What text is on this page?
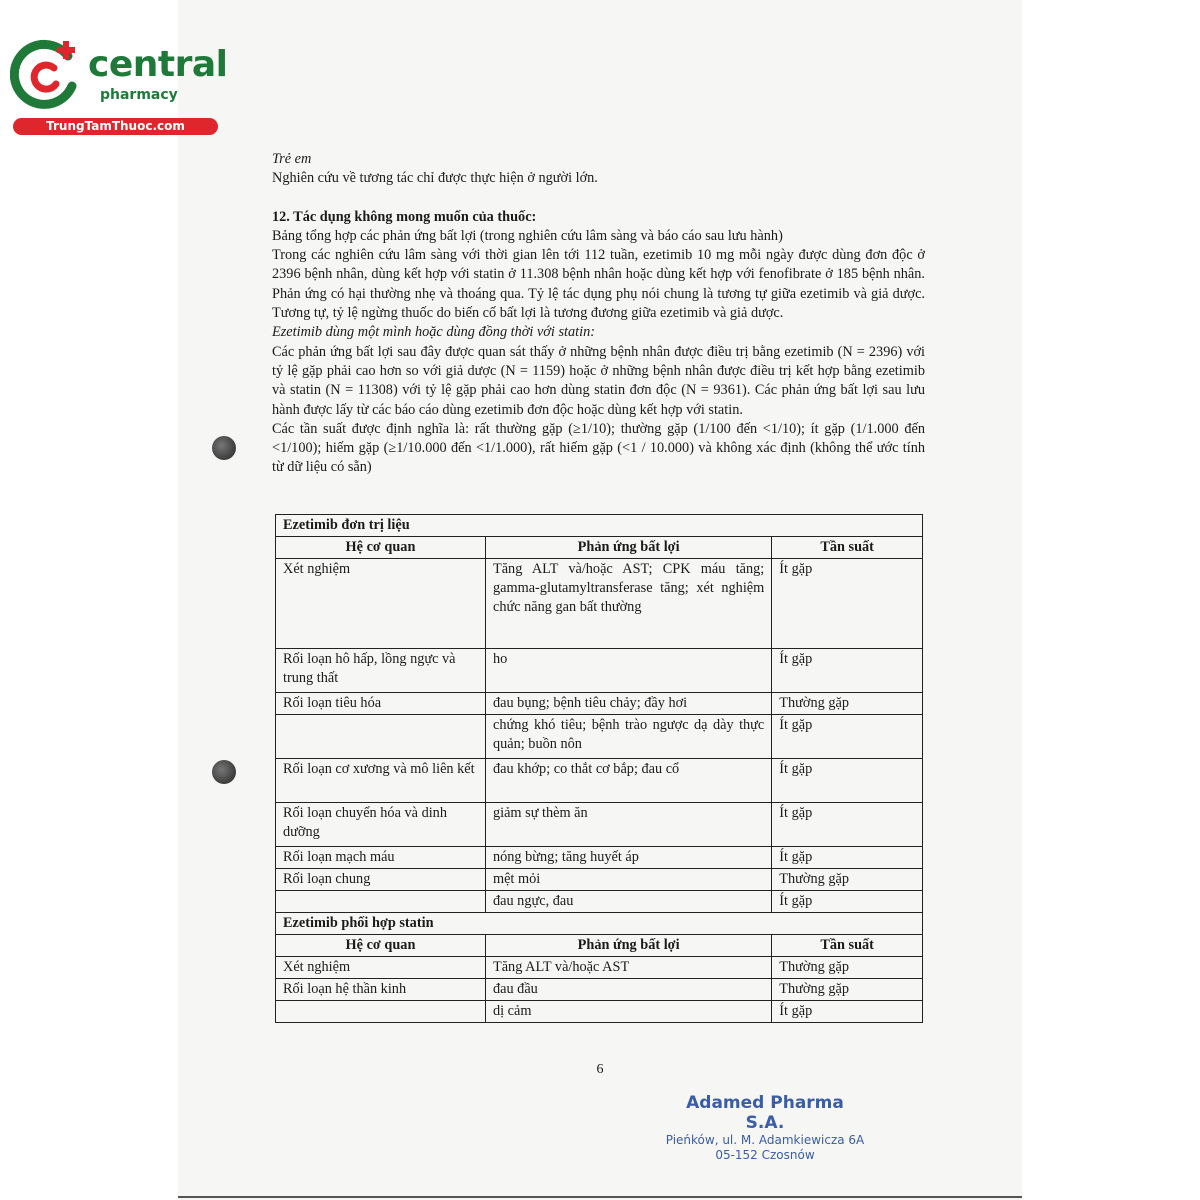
central
pharmacy
TrungTamThuoc.com

Trẻ em

Nghiên cứu về tương tác chỉ được thực hiện ở người lớn.

12. Tác dụng không mong muốn của thuốc:

Bảng tổng hợp các phản ứng bất lợi (trong nghiên cứu lâm sàng và báo cáo sau lưu hành)

Trong các nghiên cứu lâm sàng với thời gian lên tới 112 tuần, ezetimib 10 mg mỗi ngày được dùng đơn độc ở 2396 bệnh nhân, dùng kết hợp với statin ở 11.308 bệnh nhân hoặc dùng kết hợp với fenofibrate ở 185 bệnh nhân. Phản ứng có hại thường nhẹ và thoáng qua. Tỷ lệ tác dụng phụ nói chung là tương tự giữa ezetimib và giả dược. Tương tự, tỷ lệ ngừng thuốc do biến cố bất lợi là tương đương giữa ezetimib và giả dược.

Ezetimib dùng một mình hoặc dùng đồng thời với statin:

Các phản ứng bất lợi sau đây được quan sát thấy ở những bệnh nhân được điều trị bằng ezetimib (N = 2396) với tỷ lệ gặp phải cao hơn so với giả dược (N = 1159) hoặc ở những bệnh nhân được điều trị kết hợp bằng ezetimib và statin (N = 11308) với tỷ lệ gặp phải cao hơn dùng statin đơn độc (N = 9361). Các phản ứng bất lợi sau lưu hành được lấy từ các báo cáo dùng ezetimib đơn độc hoặc dùng kết hợp với statin.

Các tần suất được định nghĩa là: rất thường gặp (≥1/10); thường gặp (1/100 đến <1/10); ít gặp (1/1.000 đến <1/100); hiếm gặp (≥1/10.000 đến <1/1.000), rất hiếm gặp (<1 / 10.000) và không xác định (không thể ước tính từ dữ liệu có sẵn)

Ezetimib đơn trị liệu		
Hệ cơ quan	Phản ứng bất lợi	Tần suất
Xét nghiệm	Tăng ALT và/hoặc AST; CPK máu tăng; gamma-glutamyltransferase tăng; xét nghiệm chức năng gan bất thường	Ít gặp
Rối loạn hô hấp, lồng ngực và trung thất	ho	Ít gặp
Rối loạn tiêu hóa	đau bụng; bệnh tiêu chảy; đầy hơi	Thường gặp
	chứng khó tiêu; bệnh trào ngược dạ dày thực quản; buồn nôn	Ít gặp
Rối loạn cơ xương và mô liên kết	đau khớp; co thắt cơ bắp; đau cổ	Ít gặp
Rối loạn chuyển hóa và dinh dưỡng	giảm sự thèm ăn	Ít gặp
Rối loạn mạch máu	nóng bừng; tăng huyết áp	Ít gặp
Rối loạn chung	mệt mỏi	Thường gặp
	đau ngực, đau	Ít gặp
Ezetimib phối hợp statin		
Hệ cơ quan	Phản ứng bất lợi	Tần suất
Xét nghiệm	Tăng ALT và/hoặc AST	Thường gặp
Rối loạn hệ thần kinh	đau đầu	Thường gặp
	dị cảm	Ít gặp
6
Adamed Pharma S.A.
Pieńków, ul. M. Adamkiewicza 6A
05-152 Czosnów
